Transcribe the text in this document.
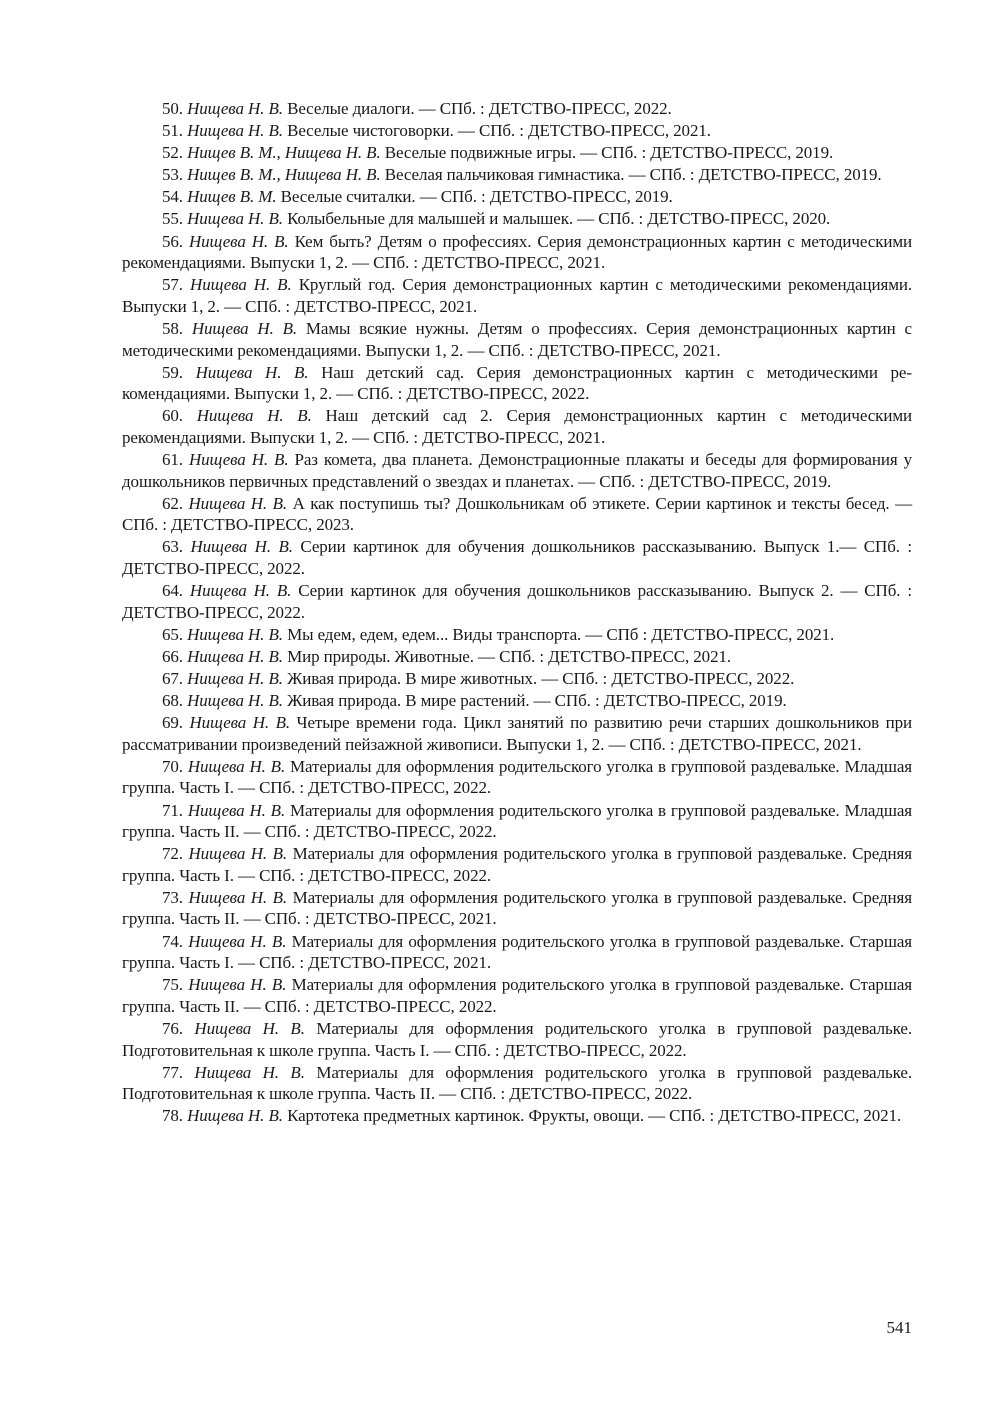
50. Нищева Н. В. Веселые диалоги. — СПб. : ДЕТСТВО-ПРЕСС, 2022.

51. Нищева Н. В. Веселые чистоговорки. — СПб. : ДЕТСТВО-ПРЕСС, 2021.

52. Нищев В. М., Нищева Н. В. Веселые подвижные игры. — СПб. : ДЕТСТВО-ПРЕСС, 2019.

53. Нищев В. М., Нищева Н. В. Веселая пальчиковая гимнастика. — СПб. : ДЕТСТВО-ПРЕСС, 2019.

54. Нищев В. М. Веселые считалки. — СПб. : ДЕТСТВО-ПРЕСС, 2019.

55. Нищева Н. В. Колыбельные для малышей и малышек. — СПб. : ДЕТСТВО-ПРЕСС, 2020.

56. Нищева Н. В. Кем быть? Детям о профессиях. Серия демонстрационных картин с методическими рекомендациями. Выпуски 1, 2. — СПб. : ДЕТСТВО-ПРЕСС, 2021.

57. Нищева Н. В. Круглый год. Серия демонстрационных картин с методическими рекомендациями. Выпуски 1, 2. — СПб. : ДЕТСТВО-ПРЕСС, 2021.

58. Нищева Н. В. Мамы всякие нужны. Детям о профессиях. Серия демонстрационных картин с методическими рекомендациями. Выпуски 1, 2. — СПб. : ДЕТСТВО-ПРЕСС, 2021.

59. Нищева Н. В. Наш детский сад. Серия демонстрационных картин с методическими рекомендациями. Выпуски 1, 2. — СПб. : ДЕТСТВО-ПРЕСС, 2022.

60. Нищева Н. В. Наш детский сад 2. Серия демонстрационных картин с методическими рекомендациями. Выпуски 1, 2. — СПб. : ДЕТСТВО-ПРЕСС, 2021.

61. Нищева Н. В. Раз комета, два планета. Демонстрационные плакаты и беседы для формирования у дошкольников первичных представлений о звездах и планетах. — СПб. : ДЕТСТВО-ПРЕСС, 2019.

62. Нищева Н. В. А как поступишь ты? Дошкольникам об этикете. Серии картинок и тексты бесед. — СПб. : ДЕТСТВО-ПРЕСС, 2023.

63. Нищева Н. В. Серии картинок для обучения дошкольников рассказыванию. Выпуск 1.— СПб. : ДЕТСТВО-ПРЕСС, 2022.

64. Нищева Н. В. Серии картинок для обучения дошкольников рассказыванию. Выпуск 2. — СПб. : ДЕТСТВО-ПРЕСС, 2022.

65. Нищева Н. В. Мы едем, едем, едем... Виды транспорта. — СПб : ДЕТСТВО-ПРЕСС, 2021.

66. Нищева Н. В. Мир природы. Животные. — СПб. : ДЕТСТВО-ПРЕСС, 2021.

67. Нищева Н. В. Живая природа. В мире животных. — СПб. : ДЕТСТВО-ПРЕСС, 2022.

68. Нищева Н. В. Живая природа. В мире растений. — СПб. : ДЕТСТВО-ПРЕСС, 2019.

69. Нищева Н. В. Четыре времени года. Цикл занятий по развитию речи старших дошкольников при рассматривании произведений пейзажной живописи. Выпуски 1, 2. — СПб. : ДЕТСТВО-ПРЕСС, 2021.

70. Нищева Н. В. Материалы для оформления родительского уголка в групповой раздевальке. Младшая группа. Часть I. — СПб. : ДЕТСТВО-ПРЕСС, 2022.

71. Нищева Н. В. Материалы для оформления родительского уголка в групповой раздевальке. Младшая группа. Часть II. — СПб. : ДЕТСТВО-ПРЕСС, 2022.

72. Нищева Н. В. Материалы для оформления родительского уголка в групповой раздевальке. Средняя группа. Часть I. — СПб. : ДЕТСТВО-ПРЕСС, 2022.

73. Нищева Н. В. Материалы для оформления родительского уголка в групповой раздевальке. Средняя группа. Часть II. — СПб. : ДЕТСТВО-ПРЕСС, 2021.

74. Нищева Н. В. Материалы для оформления родительского уголка в групповой раздевальке. Старшая группа. Часть I. — СПб. : ДЕТСТВО-ПРЕСС, 2021.

75. Нищева Н. В. Материалы для оформления родительского уголка в групповой раздевальке. Старшая группа. Часть II. — СПб. : ДЕТСТВО-ПРЕСС, 2022.

76. Нищева Н. В. Материалы для оформления родительского уголка в групповой раздевальке. Подготовительная к школе группа. Часть I. — СПб. : ДЕТСТВО-ПРЕСС, 2022.

77. Нищева Н. В. Материалы для оформления родительского уголка в групповой раздевальке. Подготовительная к школе группа. Часть II. — СПб. : ДЕТСТВО-ПРЕСС, 2022.

78. Нищева Н. В. Картотека предметных картинок. Фрукты, овощи. — СПб. : ДЕТСТВО-ПРЕСС, 2021.

541
